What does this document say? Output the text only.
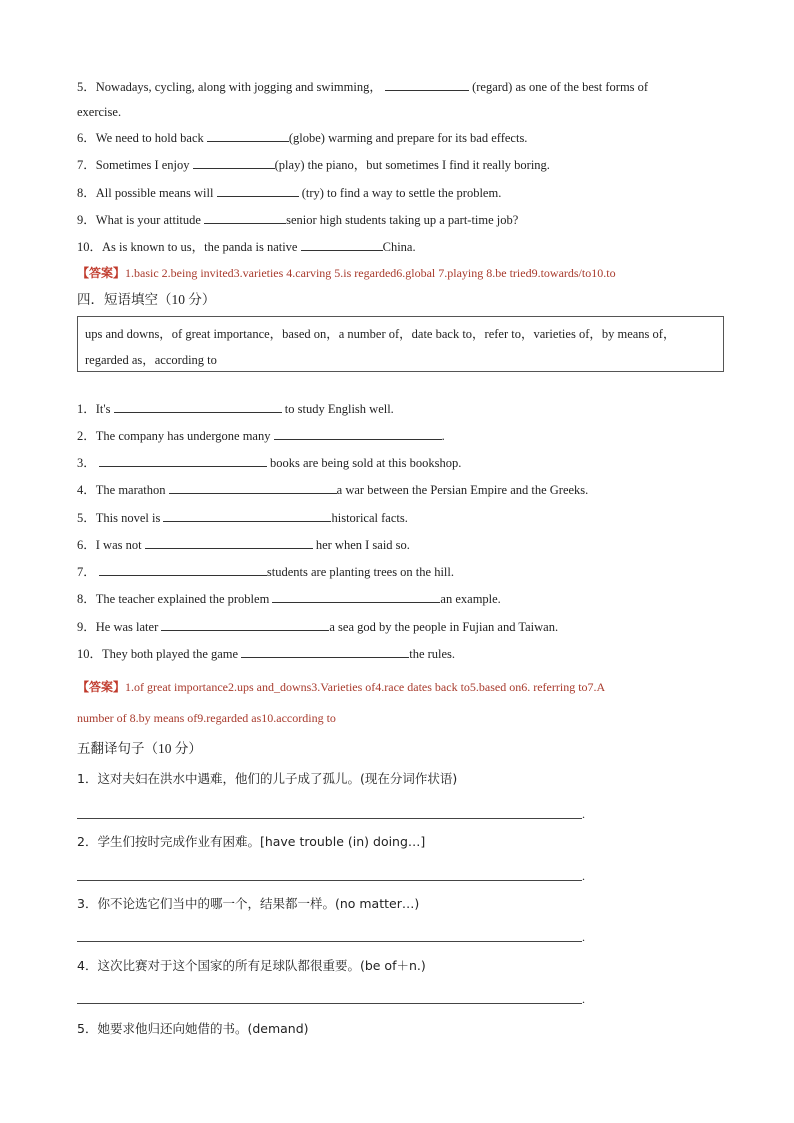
5．Nowadays, cycling, along with jogging and swimming，	(regard) as one of the best forms of
exercise.
6．We need to hold back	(globe) warming and prepare for its bad effects.
7．Sometimes I enjoy	(play) the piano，but sometimes I find it really boring.
8．All possible means will	(try) to find a way to settle the problem.
9．What is your attitude	senior high students taking up a part-time job?
10．As is known to us，the panda is native	China.
【答案】1.basic 2.being invited3.varieties 4.carving 5.is regarded6.global 7.playing 8.be tried9.towards/to10.to
四．短语填空（10 分）
ups and downs，of great importance，based on，a number of，date back to，refer to，varieties of，by means of，regarded as，according to
1．It's	to study English well.
2．The company has undergone many	.
3．	books are being sold at this bookshop.
4．The marathon	a war between the Persian Empire and the Greeks.
5．This novel is	historical facts.
6．I was not	her when I said so.
7．	students are planting trees on the hill.
8．The teacher explained the problem	an example.
9．He was later	a sea god by the people in Fujian and Taiwan.
10．They both played the game	the rules.
【答案】1.of great importance2.ups and_downs3.Varieties of4.race dates back to5.based on6. referring to7.A
number of 8.by means of9.regarded as10.according to
五翻译句子（10 分）
1．这对夫妇在洪水中遇难，他们的儿子成了孤儿。(现在分词作状语)
.
2．学生们按时完成作业有困难。[have trouble (in) doing…]
.
3．你不论选它们当中的哪一个，结果都一样。(no matter…)
.
4．这次比赛对于这个国家的所有足球队都很重要。(be of＋n.)
.
5．她要求他归还向她借的书。(demand)
